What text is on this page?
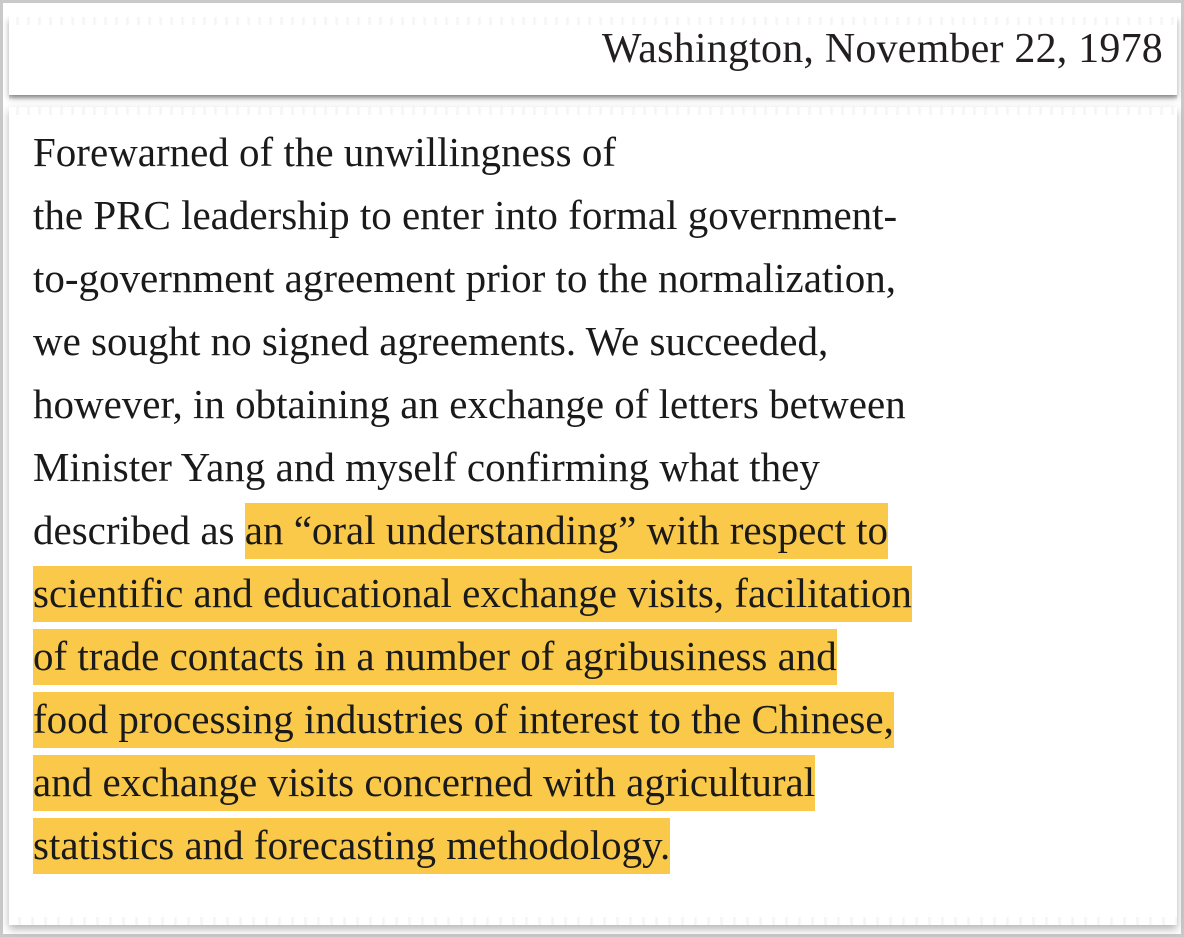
Washington, November 22, 1978
Forewarned of the unwillingness of
the PRC leadership to enter into formal government-
to-government agreement prior to the normalization,
we sought no signed agreements. We succeeded,
however, in obtaining an exchange of letters between
Minister Yang and myself confirming what they
described as an “oral understanding” with respect to
scientific and educational exchange visits, facilitation
of trade contacts in a number of agribusiness and
food processing industries of interest to the Chinese,
and exchange visits concerned with agricultural
statistics and forecasting methodology.
